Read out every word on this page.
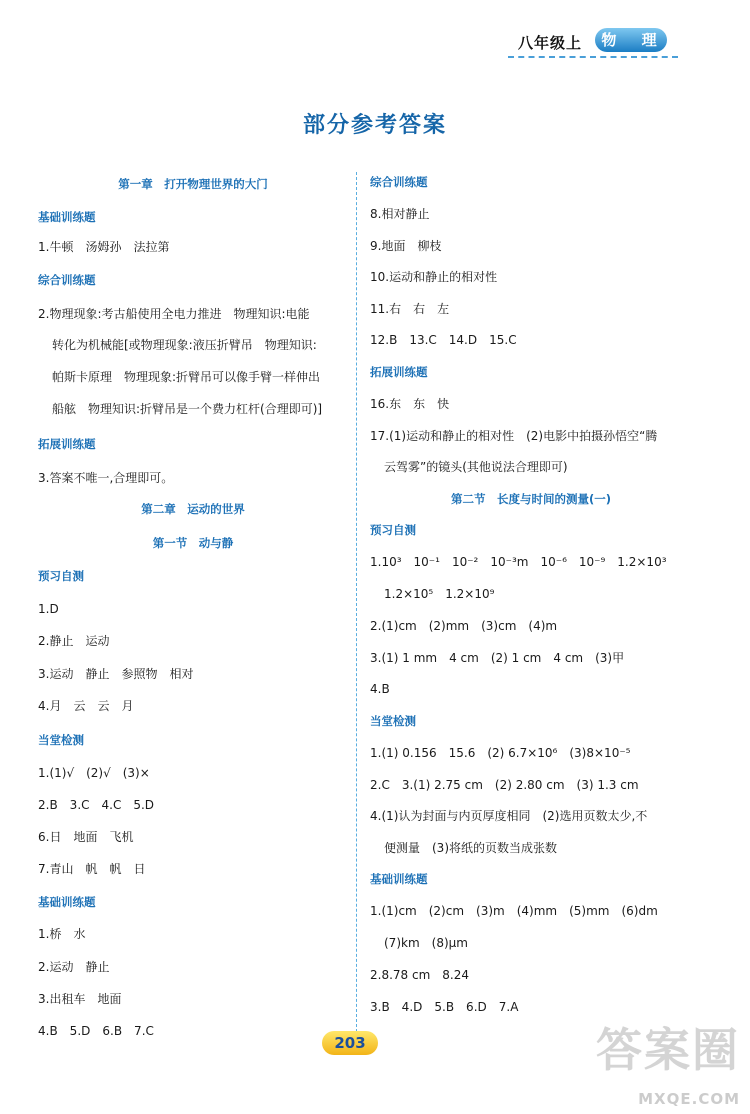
八年级上	物 理
部分参考答案
第一章　打开物理世界的大门
基础训练题
1.牛顿　汤姆孙　法拉第
综合训练题
2.物理现象:考古船使用全电力推进　物理知识:电能
转化为机械能[或物理现象:液压折臂吊　物理知识:
帕斯卡原理　物理现象:折臂吊可以像手臂一样伸出
船舷　物理知识:折臂吊是一个费力杠杆(合理即可)]
拓展训练题
3.答案不唯一,合理即可。
第二章　运动的世界
第一节　动与静
预习自测
1.D
2.静止　运动
3.运动　静止　参照物　相对
4.月　云　云　月
当堂检测
1.(1)√　(2)√　(3)×
2.B　3.C　4.C　5.D
6.日　地面　飞机
7.青山　帆　帆　日
基础训练题
1.桥　水
2.运动　静止
3.出租车　地面
4.B　5.D　6.B　7.C
综合训练题
8.相对静止
9.地面　柳枝
10.运动和静止的相对性
11.右　右　左
12.B　13.C　14.D　15.C
拓展训练题
16.东　东　快
17.(1)运动和静止的相对性　(2)电影中拍摄孙悟空“腾
云驾雾”的镜头(其他说法合理即可)
第二节　长度与时间的测量(一)
预习自测
1.10³　10⁻¹　10⁻²　10⁻³m　10⁻⁶　10⁻⁹　1.2×10³
1.2×10⁵　1.2×10⁹
2.(1)cm　(2)mm　(3)cm　(4)m
3.(1) 1 mm　4 cm　(2) 1 cm　4 cm　(3)甲
4.B
当堂检测
1.(1) 0.156　15.6　(2) 6.7×10⁶　(3)8×10⁻⁵
2.C　3.(1) 2.75 cm　(2) 2.80 cm　(3) 1.3 cm
4.(1)认为封面与内页厚度相同　(2)选用页数太少,不
便测量　(3)将纸的页数当成张数
基础训练题
1.(1)cm　(2)cm　(3)m　(4)mm　(5)mm　(6)dm
(7)km　(8)μm
2.8.78 cm　8.24
3.B　4.D　5.B　6.D　7.A
203	答案圈
MXQE.COM
